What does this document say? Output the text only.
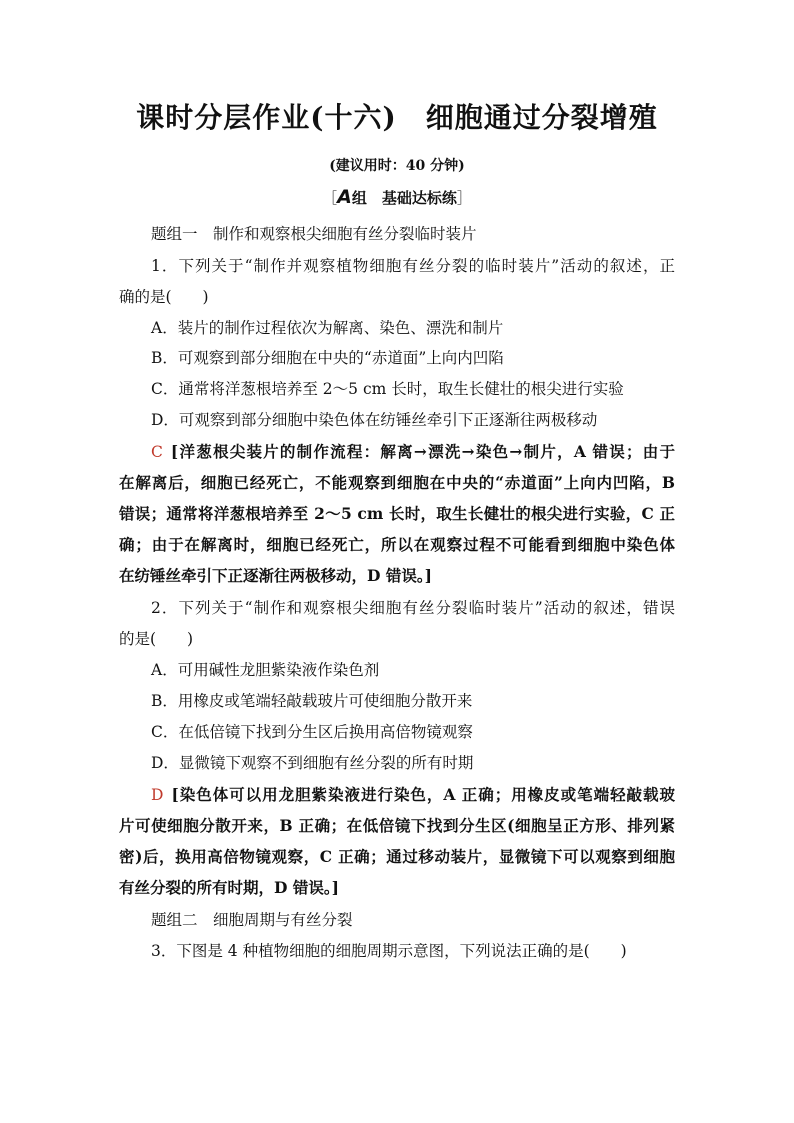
课时分层作业(十六)　细胞通过分裂增殖
(建议用时：40 分钟)
［A组　基础达标练］
题组一　制作和观察根尖细胞有丝分裂临时装片
1．下列关于“制作并观察植物细胞有丝分裂的临时装片”活动的叙述，正
确的是(　　)
A．装片的制作过程依次为解离、染色、漂洗和制片
B．可观察到部分细胞在中央的“赤道面”上向内凹陷
C．通常将洋葱根培养至 2～5 cm 长时，取生长健壮的根尖进行实验
D．可观察到部分细胞中染色体在纺锤丝牵引下正逐渐往两极移动
C [洋葱根尖装片的制作流程：解离→漂洗→染色→制片，A 错误；由于
在解离后，细胞已经死亡，不能观察到细胞在中央的“赤道面”上向内凹陷，B
错误；通常将洋葱根培养至 2～5 cm 长时，取生长健壮的根尖进行实验，C 正
确；由于在解离时，细胞已经死亡，所以在观察过程不可能看到细胞中染色体
在纺锤丝牵引下正逐渐往两极移动，D 错误。]
2．下列关于“制作和观察根尖细胞有丝分裂临时装片”活动的叙述，错误
的是(　　)
A．可用碱性龙胆紫染液作染色剂
B．用橡皮或笔端轻敲载玻片可使细胞分散开来
C．在低倍镜下找到分生区后换用高倍物镜观察
D．显微镜下观察不到细胞有丝分裂的所有时期
D [染色体可以用龙胆紫染液进行染色，A 正确；用橡皮或笔端轻敲载玻
片可使细胞分散开来，B 正确；在低倍镜下找到分生区(细胞呈正方形、排列紧
密)后，换用高倍物镜观察，C 正确；通过移动装片，显微镜下可以观察到细胞
有丝分裂的所有时期，D 错误。]
题组二　细胞周期与有丝分裂
3．下图是 4 种植物细胞的细胞周期示意图，下列说法正确的是(　　)
